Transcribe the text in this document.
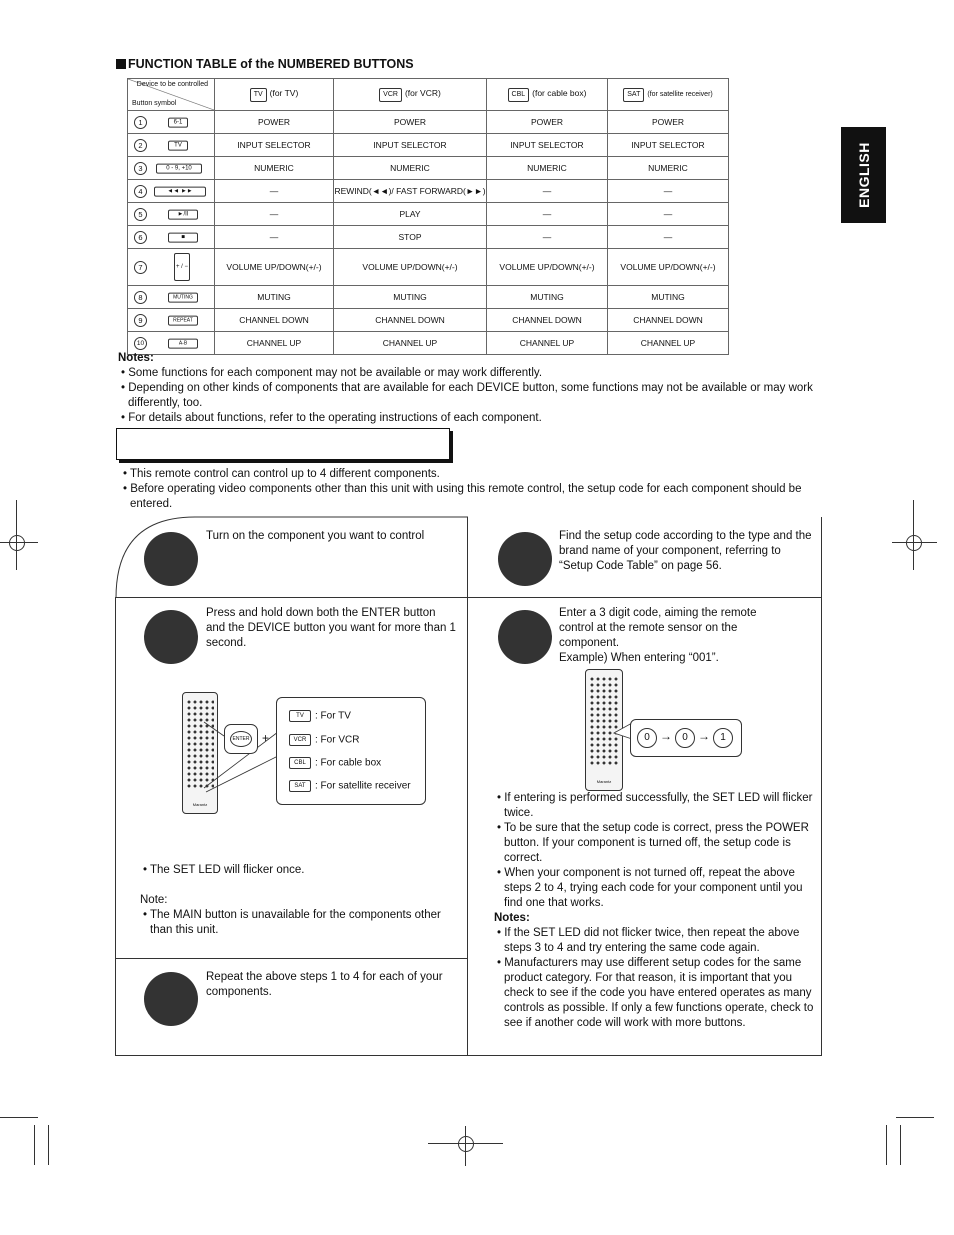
FUNCTION TABLE of the NUMBERED BUTTONS
ENGLISH
Device to be controlled
Button symbol	TV (for TV)	VCR (for VCR)	CBL (for cable box)	SAT (for satellite receiver)
1 6-1	POWER	POWER	POWER	POWER
2 TV	INPUT SELECTOR	INPUT SELECTOR	INPUT SELECTOR	INPUT SELECTOR
3 0 - 9, +10	NUMERIC	NUMERIC	NUMERIC	NUMERIC
4 ◄◄ ►►	—	REWIND(◄◄)/ FAST FORWARD(►►)	—	—
5 ►/II	—	PLAY	—	—
6 ■	—	STOP	—	—
7 + / −	VOLUME UP/DOWN(+/-)	VOLUME UP/DOWN(+/-)	VOLUME UP/DOWN(+/-)	VOLUME UP/DOWN(+/-)
8 MUTING	MUTING	MUTING	MUTING	MUTING
9 REPEAT	CHANNEL DOWN	CHANNEL DOWN	CHANNEL DOWN	CHANNEL DOWN
10 A-B	CHANNEL UP	CHANNEL UP	CHANNEL UP	CHANNEL UP
Notes:
• Some functions for each component may not be available or may work differently.
• Depending on other kinds of components that are available for each DEVICE button, some functions may not be available or may work differently, too.
• For details about functions, refer to the operating instructions of each component.
• This remote control can control up to 4 different components.
• Before operating video components other than this unit with using this remote control, the setup code for each component should be entered.
Turn on the component you want to control	Find the setup code according to the type and the brand name of your component, referring to “Setup Code Table” on page 56.
Press and hold down both the ENTER button and the DEVICE button you want for more than 1 second.
Enter a 3 digit code, aiming the remote control at the remote sensor on the component.
Example) When entering “001”.
Repeat the above steps 1 to 4 for each of your components.
Marantz
ENTER +
TV : For TV
VCR : For VCR
CBL : For cable box
SAT : For satellite receiver
• The SET LED will flicker once.
Note:
• The MAIN button is unavailable for the components other than this unit.
Marantz
0 →	0 →	1
• If entering is performed successfully, the SET LED will flicker twice.
• To be sure that the setup code is correct, press the POWER button. If your component is turned off, the setup code is correct.
• When your component is not turned off, repeat the above steps 2 to 4, trying each code for your component until you find one that works.
Notes:
• If the SET LED did not flicker twice, then repeat the above steps 3 to 4 and try entering the same code again.
• Manufacturers may use different setup codes for the same product category. For that reason, it is important that you check to see if the code you have entered operates as many controls as possible. If only a few functions operate, check to see if another code will work with more buttons.
